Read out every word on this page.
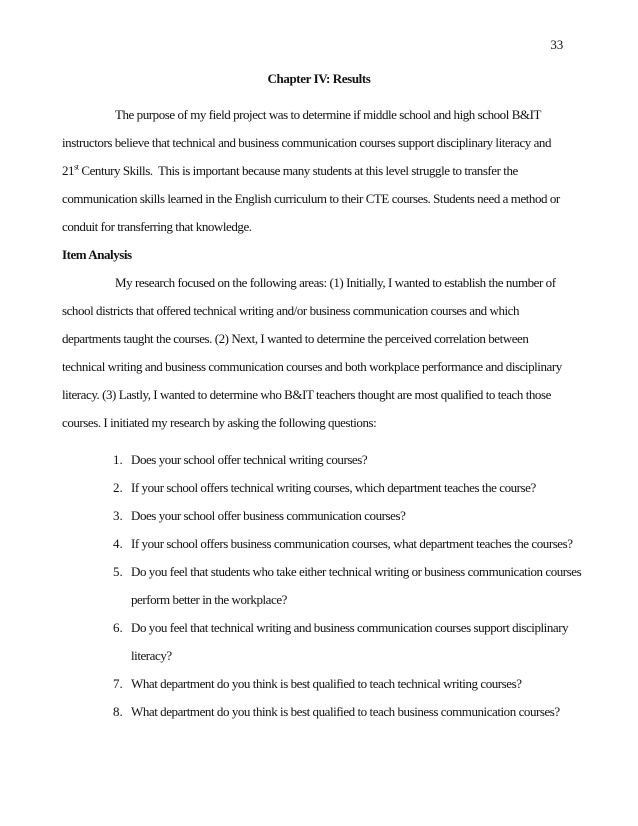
33
Chapter IV: Results
The purpose of my field project was to determine if middle school and high school B&IT
instructors believe that technical and business communication courses support disciplinary literacy and
21st Century Skills.  This is important because many students at this level struggle to transfer the
communication skills learned in the English curriculum to their CTE courses. Students need a method or
conduit for transferring that knowledge.
Item Analysis
My research focused on the following areas: (1) Initially, I wanted to establish the number of
school districts that offered technical writing and/or business communication courses and which
departments taught the courses. (2) Next, I wanted to determine the perceived correlation between
technical writing and business communication courses and both workplace performance and disciplinary
literacy. (3) Lastly, I wanted to determine who B&IT teachers thought are most qualified to teach those
courses. I initiated my research by asking the following questions:
1. Does your school offer technical writing courses?
2. If your school offers technical writing courses, which department teaches the course?
3. Does your school offer business communication courses?
4. If your school offers business communication courses, what department teaches the courses?
5. Do you feel that students who take either technical writing or business communication courses
perform better in the workplace?
6. Do you feel that technical writing and business communication courses support disciplinary
literacy?
7. What department do you think is best qualified to teach technical writing courses?
8. What department do you think is best qualified to teach business communication courses?
